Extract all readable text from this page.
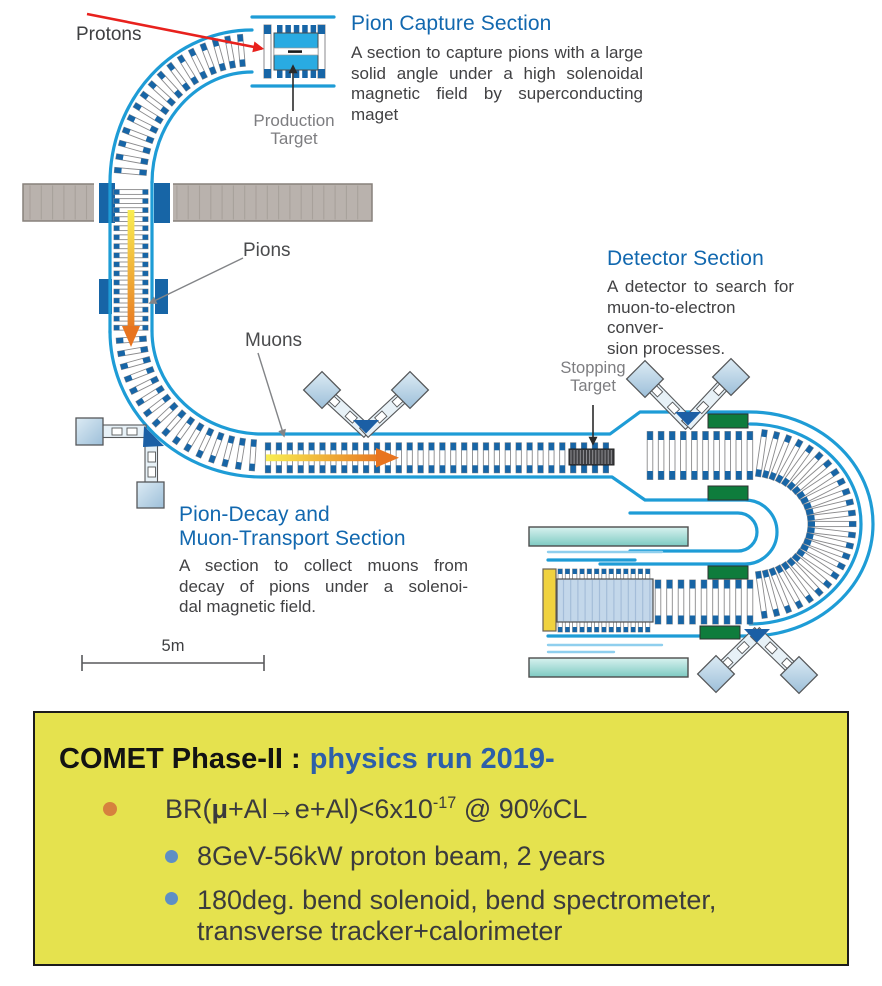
Protons	Pion Capture Section
A section to capture pions with a large
solid angle under a high solenoidal
magnetic field by superconducting
maget
Production
Target
Pions
Muons
Detector Section
A detector to search for
muon-to-electron conver-
sion processes.
Stopping
Target
Pion-Decay and
Muon-Transport Section
A section to collect muons from
decay of pions under a solenoi-
dal magnetic field.
5m
COMET Phase-II : physics run 2019-
$BR(\mu+Al\to e+Al)<6x10^{-17}$ @ 90%CL
8GeV-56kW proton beam, 2 years
180deg. bend solenoid, bend spectrometer,
transverse tracker+calorimeter
